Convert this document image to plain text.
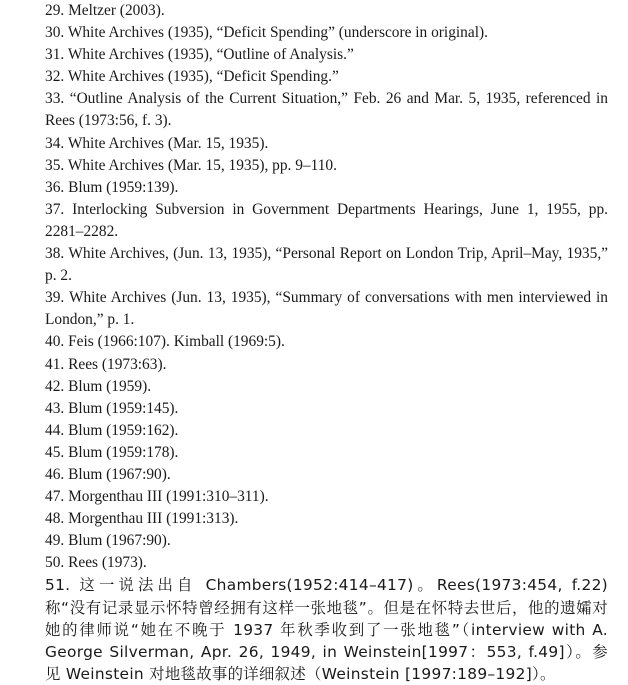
29. Meltzer (2003).

30. White Archives (1935), “Deficit Spending” (underscore in original).

31. White Archives (1935), “Outline of Analysis.”

32. White Archives (1935), “Deficit Spending.”

33. “Outline Analysis of the Current Situation,” Feb. 26 and Mar. 5, 1935, referenced in Rees (1973:56, f. 3).

34. White Archives (Mar. 15, 1935).

35. White Archives (Mar. 15, 1935), pp. 9–110.

36. Blum (1959:139).

37. Interlocking Subversion in Government Departments Hearings, June 1, 1955, pp. 2281–2282.

38. White Archives, (Jun. 13, 1935), “Personal Report on London Trip, April–May, 1935,” p. 2.

39. White Archives (Jun. 13, 1935), “Summary of conversations with men interviewed in London,” p. 1.

40. Feis (1966:107). Kimball (1969:5).

41. Rees (1973:63).

42. Blum (1959).

43. Blum (1959:145).

44. Blum (1959:162).

45. Blum (1959:178).

46. Blum (1967:90).

47. Morgenthau III (1991:310–311).

48. Morgenthau III (1991:313).

49. Blum (1967:90).

50. Rees (1973).

51. 这一说法出自 Chambers(1952:414–417)。Rees(1973:454, f.22) 称“没有记录显示怀特曾经拥有这样一张地毯”。但是在怀特去世后，他的遗孀对她的律师说“她在不晚于 1937 年秋季收到了一张地毯”（interview with A. George Silverman, Apr. 26, 1949, in Weinstein[1997：553, f.49]）。参见 Weinstein 对地毯故事的详细叙述（Weinstein [1997:189–192]）。
